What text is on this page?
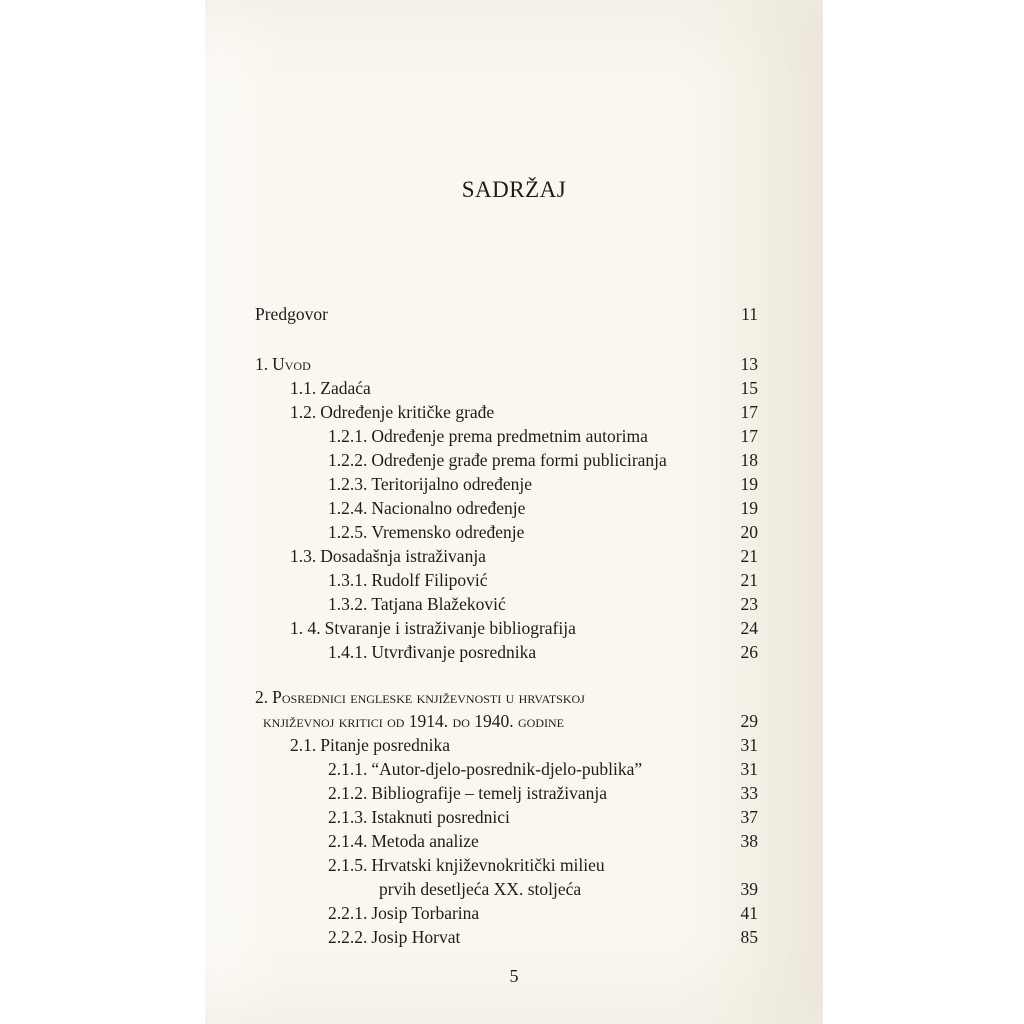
SADRŽAJ
Predgovor	11
1. Uvod	13
1.1. Zadaća	15
1.2. Određenje kritičke građe	17
1.2.1. Određenje prema predmetnim autorima	17
1.2.2. Određenje građe prema formi publiciranja	18
1.2.3. Teritorijalno određenje	19
1.2.4. Nacionalno određenje	19
1.2.5. Vremensko određenje	20
1.3. Dosadašnja istraživanja	21
1.3.1. Rudolf Filipović	21
1.3.2. Tatjana Blažeković	23
1. 4. Stvaranje i istraživanje bibliografija	24
1.4.1. Utvrđivanje posrednika	26
2. Posrednici engleske književnosti u hrvatskoj
književnoj kritici od 1914. do 1940. godine	29
2.1. Pitanje posrednika	31
2.1.1. “Autor-djelo-posrednik-djelo-publika”	31
2.1.2. Bibliografije – temelj istraživanja	33
2.1.3. Istaknuti posrednici	37
2.1.4. Metoda analize	38
2.1.5. Hrvatski književnokritički milieu
prvih desetljeća XX. stoljeća	39
2.2.1. Josip Torbarina	41
2.2.2. Josip Horvat	85
5
